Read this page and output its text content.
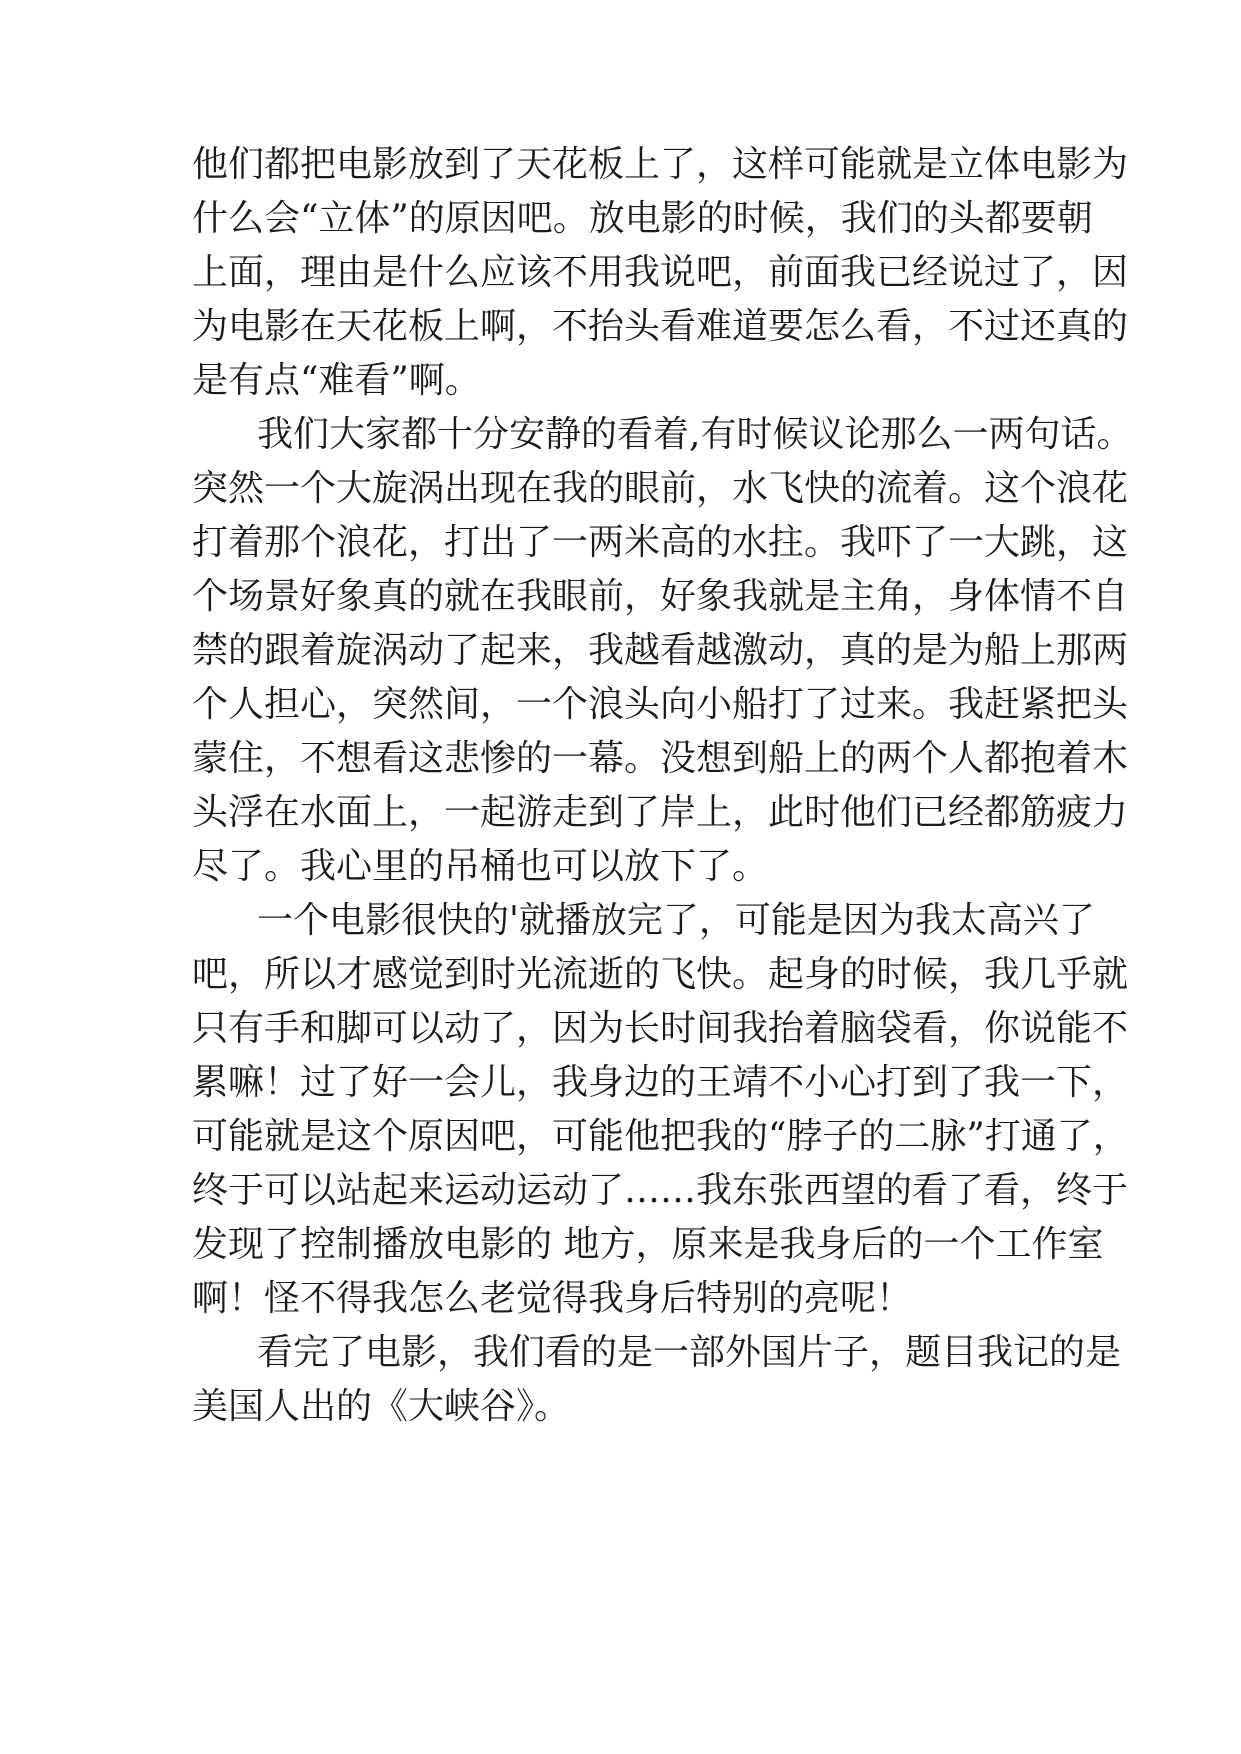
他们都把电影放到了天花板上了，这样可能就是立体电影为
什么会“立体”的原因吧。放电影的时候，我们的头都要朝
上面，理由是什么应该不用我说吧，前面我已经说过了，因
为电影在天花板上啊，不抬头看难道要怎么看，不过还真的
是有点“难看”啊。
我们大家都十分安静的看着,有时候议论那么一两句话。
突然一个大旋涡出现在我的眼前，水飞快的流着。这个浪花
打着那个浪花，打出了一两米高的水拄。我吓了一大跳，这
个场景好象真的就在我眼前，好象我就是主角，身体情不自
禁的跟着旋涡动了起来，我越看越激动，真的是为船上那两
个人担心，突然间，一个浪头向小船打了过来。我赶紧把头
蒙住，不想看这悲惨的一幕。没想到船上的两个人都抱着木
头浮在水面上，一起游走到了岸上，此时他们已经都筋疲力
尽了。我心里的吊桶也可以放下了。
一个电影很快的'就播放完了，可能是因为我太高兴了
吧，所以才感觉到时光流逝的飞快。起身的时候，我几乎就
只有手和脚可以动了，因为长时间我抬着脑袋看，你说能不
累嘛！过了好一会儿，我身边的王靖不小心打到了我一下，
可能就是这个原因吧，可能他把我的“脖子的二脉”打通了，
终于可以站起来运动运动了……我东张西望的看了看，终于
发现了控制播放电影的 地方，原来是我身后的一个工作室
啊！怪不得我怎么老觉得我身后特别的亮呢！
看完了电影，我们看的是一部外国片子，题目我记的是
美国人出的《大峡谷》。
